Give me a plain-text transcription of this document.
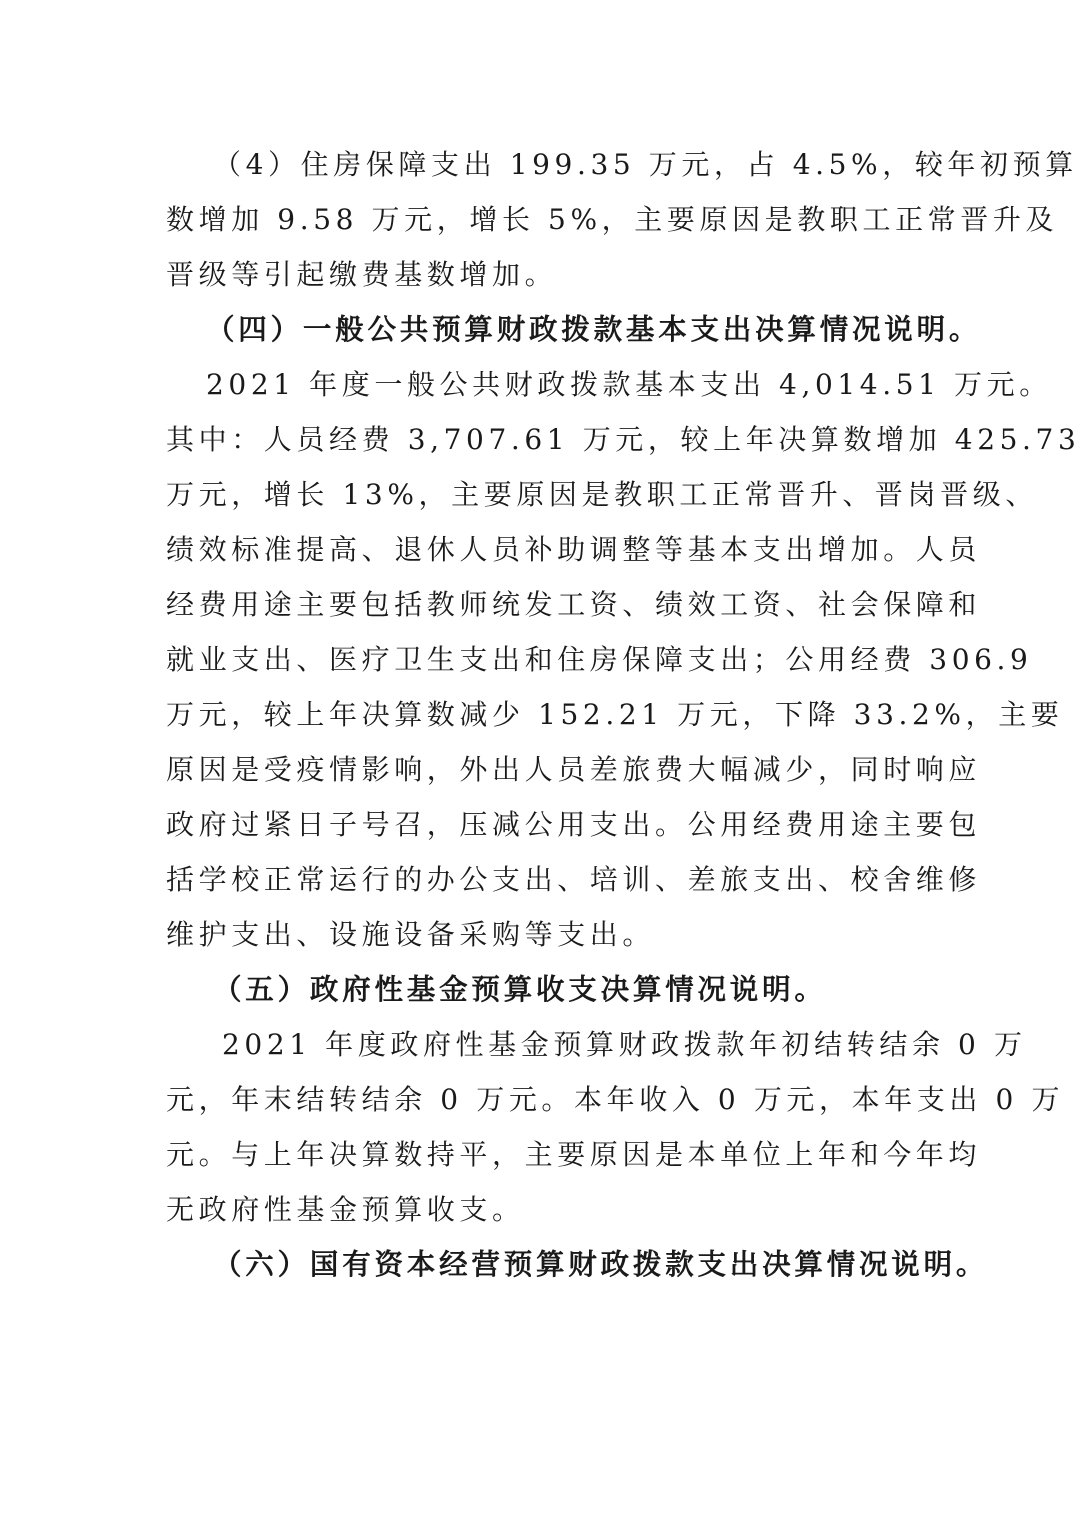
（4）住房保障支出 199.35 万元，占 4.5%，较年初预算
数增加 9.58 万元，增长 5%，主要原因是教职工正常晋升及
晋级等引起缴费基数增加。
（四）一般公共预算财政拨款基本支出决算情况说明。
2021 年度一般公共财政拨款基本支出 4,014.51 万元。
其中：人员经费 3,707.61 万元，较上年决算数增加 425.73
万元，增长 13%，主要原因是教职工正常晋升、晋岗晋级、
绩效标准提高、退休人员补助调整等基本支出增加。人员
经费用途主要包括教师统发工资、绩效工资、社会保障和
就业支出、医疗卫生支出和住房保障支出；公用经费 306.9
万元，较上年决算数减少 152.21 万元，下降 33.2%，主要
原因是受疫情影响，外出人员差旅费大幅减少，同时响应
政府过紧日子号召，压减公用支出。公用经费用途主要包
括学校正常运行的办公支出、培训、差旅支出、校舍维修
维护支出、设施设备采购等支出。
（五）政府性基金预算收支决算情况说明。
2021 年度政府性基金预算财政拨款年初结转结余 0 万
元，年末结转结余 0 万元。本年收入 0 万元，本年支出 0 万
元。与上年决算数持平，主要原因是本单位上年和今年均
无政府性基金预算收支。
（六）国有资本经营预算财政拨款支出决算情况说明。
